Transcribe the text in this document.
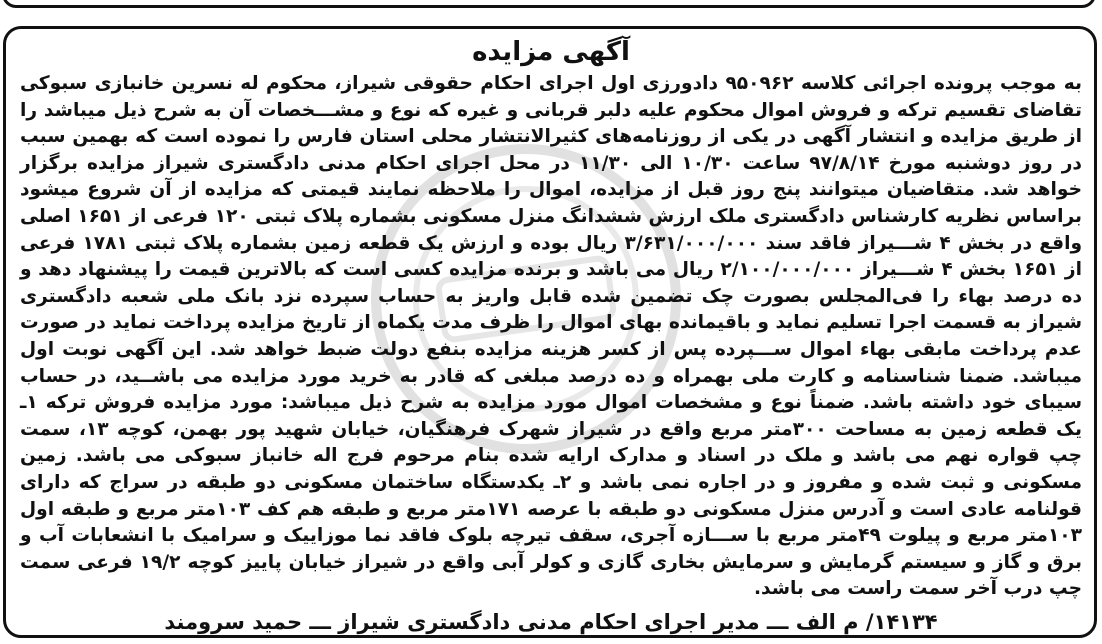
آگهی مزایده

به موجب پرونده اجرائی کلاسه ۹۵۰۹۶۲ دادورزی اول اجرای احکام حقوقی شیراز، محکوم له نسرین خانبازی سبوکی تقاضای تقسیم ترکه و فروش اموال محکوم علیه دلبر قربانی و غیره که نوع و مشـــخصات آن به شرح ذیل میباشد را از طریق مزایده و انتشار آگهی در یکی از روزنامه‌های کثیرالانتشار محلی استان فارس را نموده است که بهمین سبب در روز دوشنبه مورخ ۹۷/۸/۱۴ ساعت ۱۰/۳۰ الی ۱۱/۳۰ در محل اجرای احکام مدنی دادگستری شیراز مزایده برگزار خواهد شد. متقاضیان میتوانند پنج روز قبل از مزایده، اموال را ملاحظه نمایند قیمتی که مزایده از آن شروع میشود براساس نظریه کارشناس دادگستری ملک ارزش ششدانگ منزل مسکونی بشماره پلاک ثبتی ۱۲۰ فرعی از ۱۶۵۱ اصلی واقع در بخش ۴ شـــیراز فاقد سند ۳/۶۳۱/۰۰۰/۰۰۰ ریال بوده و ارزش یک قطعه زمین بشماره پلاک ثبتی ۱۷۸۱ فرعی از ۱۶۵۱ بخش ۴ شـــیراز ۲/۱۰۰/۰۰۰/۰۰۰ ریال می باشد و برنده مزایده کسی است که بالاترین قیمت را پیشنهاد دهد و ده درصد بهاء را فی‌المجلس بصورت چک تضمین شده قابل واریز به حساب سپرده نزد بانک ملی شعبه دادگستری شیراز به قسمت اجرا تسلیم نماید و باقیمانده بهای اموال را ظرف مدت یکماه از تاریخ مزایده پرداخت نماید در صورت عدم پرداخت مابقی بهاء اموال ســـپرده پس از کسر هزینه مزایده بنفع دولت ضبط خواهد شد. این آگهی نوبت اول میباشد. ضمنا شناسنامه و کارت ملی بهمراه و ده درصد مبلغی که قادر به خرید مورد مزایده می باشــید، در حساب سیبای خود داشته باشد. ضمناً نوع و مشخصات اموال مورد مزایده به شرح ذیل میباشد: مورد مزایده فروش ترکه ۱ـ یک قطعه زمین به مساحت ۳۰۰متر مربع واقع در شیراز شهرک فرهنگیان، خیابان شهید پور بهمن، کوچه ۱۳، سمت چپ قواره نهم می باشد و ملک در اسناد و مدارک ارایه شده بنام مرحوم فرج اله خانباز سبوکی می باشد. زمین مسکونی و ثبت شده و مفروز و در اجاره نمی باشد و ۲ـ یکدستگاه ساختمان مسکونی دو طبقه در سراج که دارای قولنامه عادی است و آدرس منزل مسکونی دو طبقه با عرصه ۱۷۱متر مربع و طبقه هم کف ۱۰۳متر مربع و طبقه اول ۱۰۳متر مربع و پیلوت ۴۹متر مربع با ســـازه آجری، سقف تیرچه بلوک فاقد نما موزاییک و سرامیک با انشعابات آب و برق و گاز و سیستم گرمایش و سرمایش بخاری گازی و کولر آبی واقع در شیراز خیابان پاییز کوچه ۱۹/۲ فرعی سمت چپ درب آخر سمت راست می باشد.

۱۴۱۳۴/ م الف ـــ مدیر اجرای احکام مدنی دادگستری شیراز ـــ حمید سرومند
